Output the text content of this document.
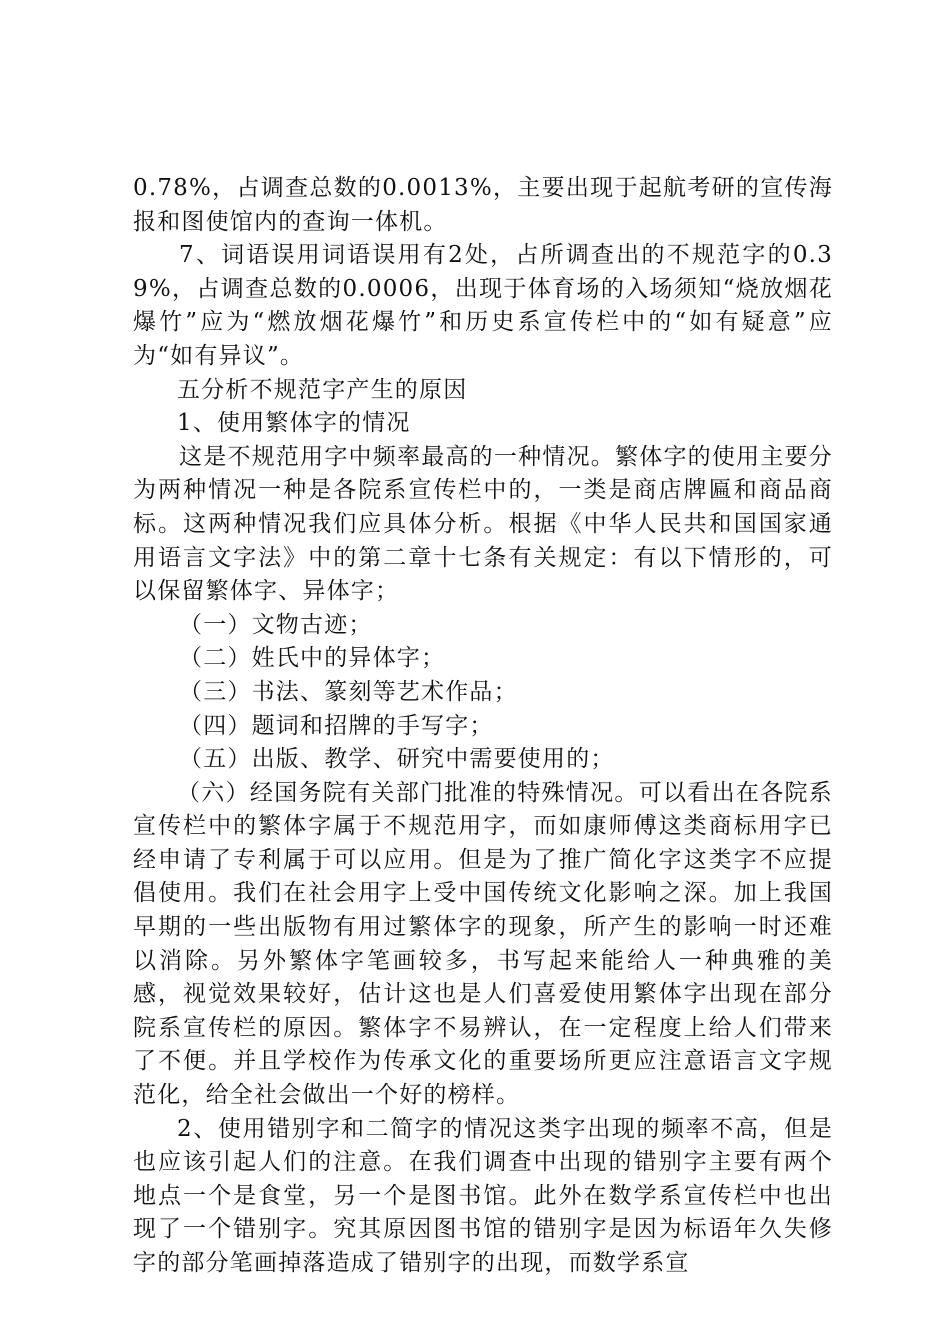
0.78%，占调查总数的0.0013%，主要出现于起航考研的宣传海报和图使馆内的查询一体机。

7、词语误用词语误用有2处，占所调查出的不规范字的0.39%，占调查总数的0.0006，出现于体育场的入场须知“烧放烟花爆竹”应为“燃放烟花爆竹”和历史系宣传栏中的“如有疑意”应为“如有异议”。

五分析不规范字产生的原因

1、使用繁体字的情况

这是不规范用字中频率最高的一种情况。繁体字的使用主要分为两种情况一种是各院系宣传栏中的，一类是商店牌匾和商品商标。这两种情况我们应具体分析。根据《中华人民共和国国家通用语言文字法》中的第二章十七条有关规定：有以下情形的，可以保留繁体字、异体字；

（一）文物古迹；

（二）姓氏中的异体字；

（三）书法、篆刻等艺术作品；

（四）题词和招牌的手写字；

（五）出版、教学、研究中需要使用的；

（六）经国务院有关部门批准的特殊情况。可以看出在各院系宣传栏中的繁体字属于不规范用字，而如康师傅这类商标用字已经申请了专利属于可以应用。但是为了推广简化字这类字不应提倡使用。我们在社会用字上受中国传统文化影响之深。加上我国早期的一些出版物有用过繁体字的现象，所产生的影响一时还难以消除。另外繁体字笔画较多，书写起来能给人一种典雅的美感，视觉效果较好，估计这也是人们喜爱使用繁体字出现在部分院系宣传栏的原因。繁体字不易辨认，在一定程度上给人们带来了不便。并且学校作为传承文化的重要场所更应注意语言文字规范化，给全社会做出一个好的榜样。

2、使用错别字和二简字的情况这类字出现的频率不高，但是也应该引起人们的注意。在我们调查中出现的错别字主要有两个地点一个是食堂，另一个是图书馆。此外在数学系宣传栏中也出现了一个错别字。究其原因图书馆的错别字是因为标语年久失修字的部分笔画掉落造成了错别字的出现，而数学系宣
